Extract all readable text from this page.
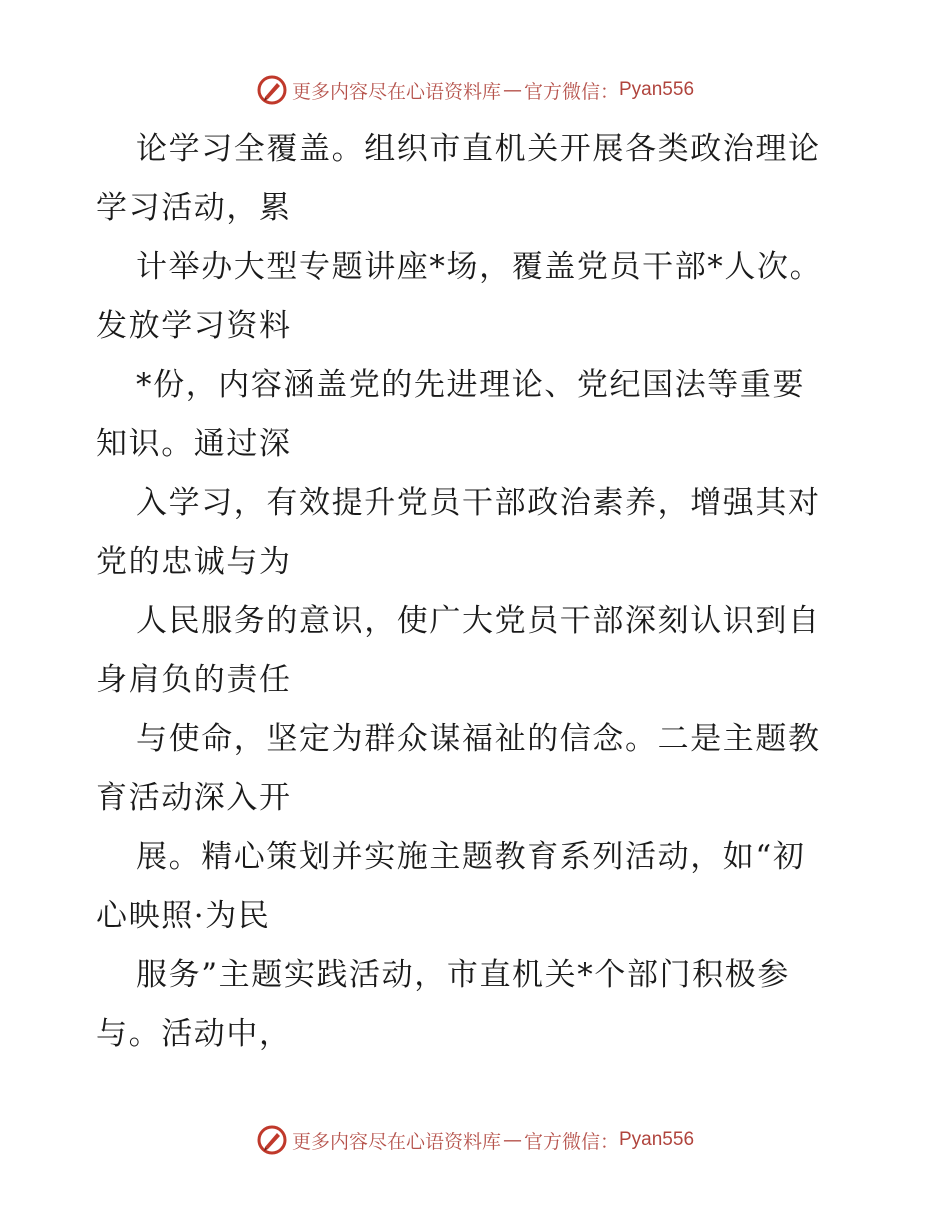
更多内容尽在心语资料库 — 官方微信： Pyan556
论学习全覆盖。组织市直机关开展各类政治理论
学习活动，累
计举办大型专题讲座*场，覆盖党员干部*人次。
发放学习资料
*份，内容涵盖党的先进理论、党纪国法等重要
知识。通过深
入学习，有效提升党员干部政治素养，增强其对
党的忠诚与为
人民服务的意识，使广大党员干部深刻认识到自
身肩负的责任
与使命，坚定为群众谋福祉的信念。二是主题教
育活动深入开
展。精心策划并实施主题教育系列活动，如“初
心映照·为民
服务”主题实践活动，市直机关*个部门积极参
与。活动中，
更多内容尽在心语资料库 — 官方微信： Pyan556
